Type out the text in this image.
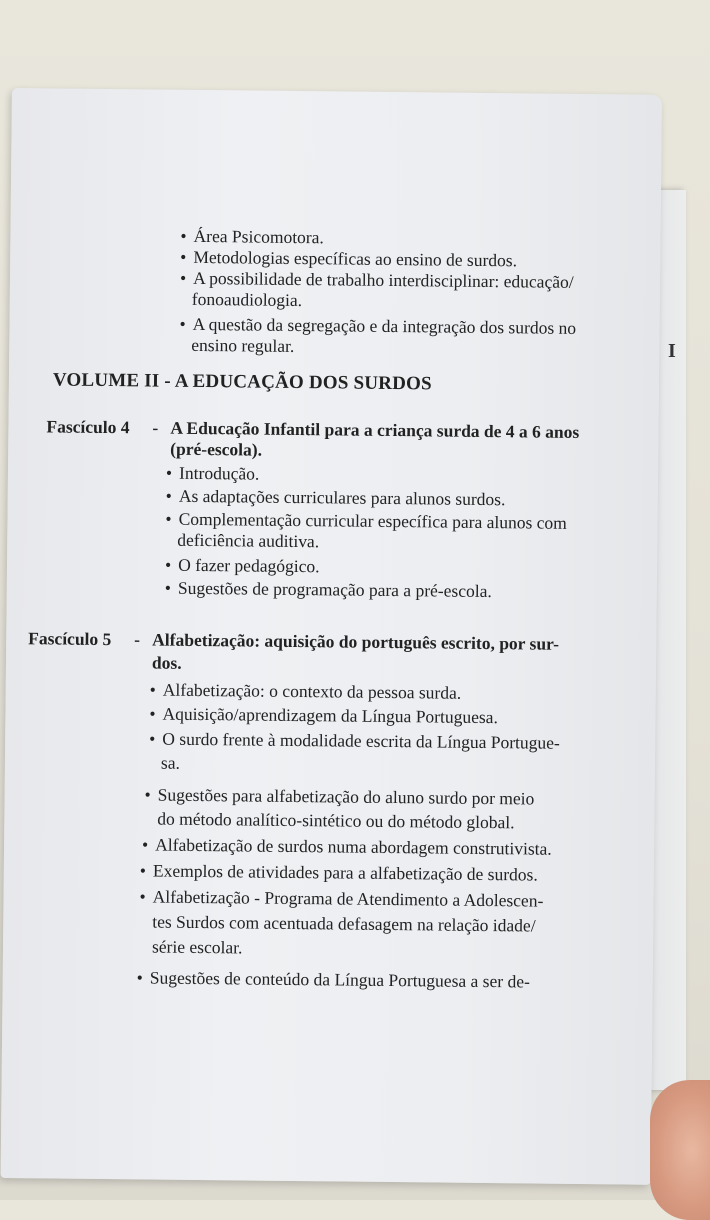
I
• Área Psicomotora.
• Metodologias específicas ao ensino de surdos.
• A possibilidade de trabalho interdisciplinar: educação/
fonoaudiologia.
• A questão da segregação e da integração dos surdos no
ensino regular.
VOLUME II - A EDUCAÇÃO DOS SURDOS
Fascículo 4 - A Educação Infantil para a criança surda de 4 a 6 anos
(pré-escola).
• Introdução.
• As adaptações curriculares para alunos surdos.
• Complementação curricular específica para alunos com
deficiência auditiva.
• O fazer pedagógico.
• Sugestões de programação para a pré-escola.
Fascículo 5 - Alfabetização: aquisição do português escrito, por sur-
dos.
• Alfabetização: o contexto da pessoa surda.
• Aquisição/aprendizagem da Língua Portuguesa.
• O surdo frente à modalidade escrita da Língua Portugue-
sa.
• Sugestões para alfabetização do aluno surdo por meio
do método analítico-sintético ou do método global.
• Alfabetização de surdos numa abordagem construtivista.
• Exemplos de atividades para a alfabetização de surdos.
• Alfabetização - Programa de Atendimento a Adolescen-
tes Surdos com acentuada defasagem na relação idade/
série escolar.
• Sugestões de conteúdo da Língua Portuguesa a ser de-
